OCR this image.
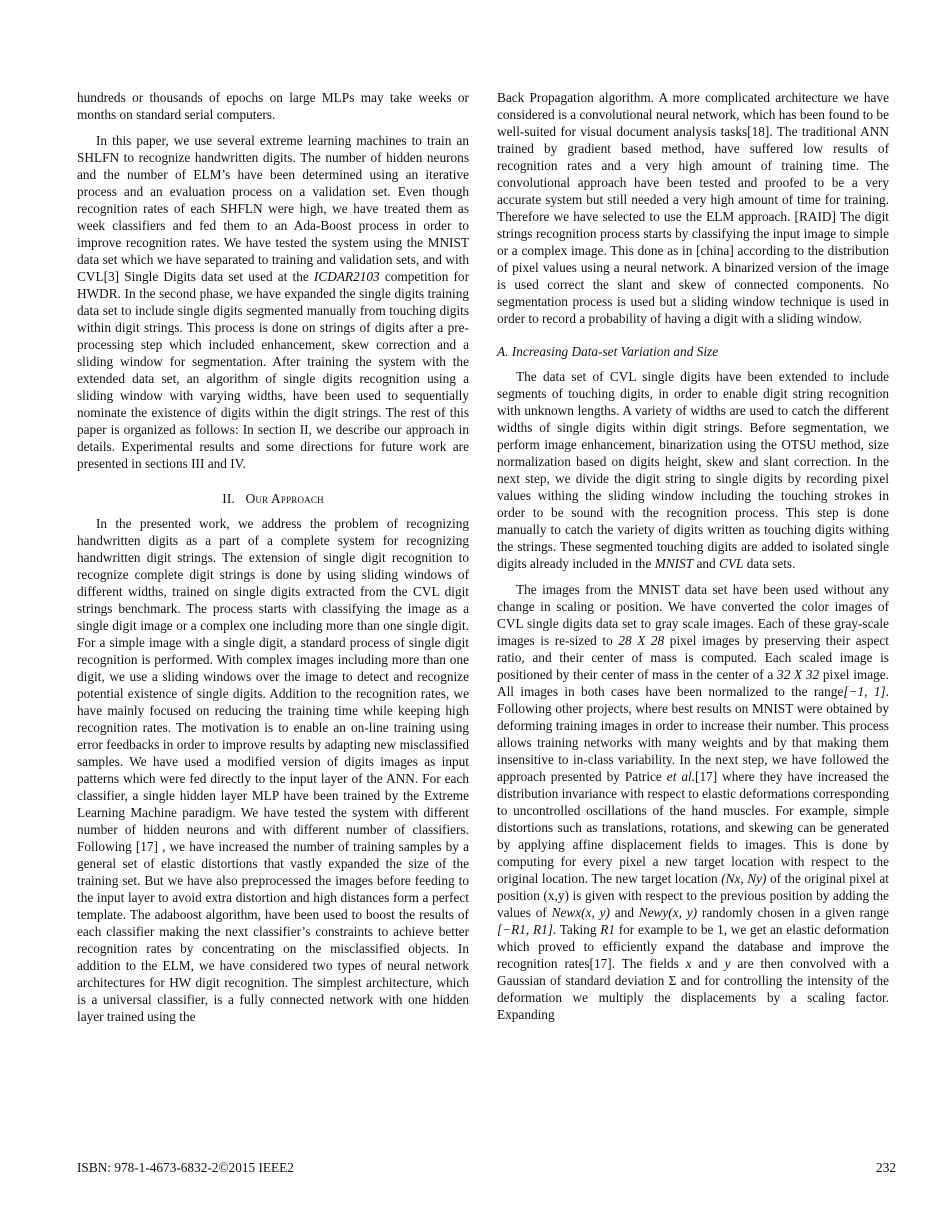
hundreds or thousands of epochs on large MLPs may take weeks or months on standard serial computers.

In this paper, we use several extreme learning machines to train an SHLFN to recognize handwritten digits. The number of hidden neurons and the number of ELM’s have been determined using an iterative process and an evaluation process on a validation set. Even though recognition rates of each SHFLN were high, we have treated them as week classifiers and fed them to an Ada-Boost process in order to improve recognition rates. We have tested the system using the MNIST data set which we have separated to training and validation sets, and with CVL[3] Single Digits data set used at the ICDAR2103 competition for HWDR. In the second phase, we have expanded the single digits training data set to include single digits segmented manually from touching digits within digit strings. This process is done on strings of digits after a pre-processing step which included enhancement, skew correction and a sliding window for segmentation. After training the system with the extended data set, an algorithm of single digits recognition using a sliding window with varying widths, have been used to sequentially nominate the existence of digits within the digit strings. The rest of this paper is organized as follows: In section II, we describe our approach in details. Experimental results and some directions for future work are presented in sections III and IV.

II. Our Approach

In the presented work, we address the problem of recognizing handwritten digits as a part of a complete system for recognizing handwritten digit strings. The extension of single digit recognition to recognize complete digit strings is done by using sliding windows of different widths, trained on single digits extracted from the CVL digit strings benchmark. The process starts with classifying the image as a single digit image or a complex one including more than one single digit. For a simple image with a single digit, a standard process of single digit recognition is performed. With complex images including more than one digit, we use a sliding windows over the image to detect and recognize potential existence of single digits. Addition to the recognition rates, we have mainly focused on reducing the training time while keeping high recognition rates. The motivation is to enable an on-line training using error feedbacks in order to improve results by adapting new misclassified samples. We have used a modified version of digits images as input patterns which were fed directly to the input layer of the ANN. For each classifier, a single hidden layer MLP have been trained by the Extreme Learning Machine paradigm. We have tested the system with different number of hidden neurons and with different number of classifiers. Following [17] , we have increased the number of training samples by a general set of elastic distortions that vastly expanded the size of the training set. But we have also preprocessed the images before feeding to the input layer to avoid extra distortion and high distances form a perfect template. The adaboost algorithm, have been used to boost the results of each classifier making the next classifier’s constraints to achieve better recognition rates by concentrating on the misclassified objects. In addition to the ELM, we have considered two types of neural network architectures for HW digit recognition. The simplest architecture, which is a universal classifier, is a fully connected network with one hidden layer trained using the

Back Propagation algorithm. A more complicated architecture we have considered is a convolutional neural network, which has been found to be well-suited for visual document analysis tasks[18]. The traditional ANN trained by gradient based method, have suffered low results of recognition rates and a very high amount of training time. The convolutional approach have been tested and proofed to be a very accurate system but still needed a very high amount of time for training. Therefore we have selected to use the ELM approach. [RAID] The digit strings recognition process starts by classifying the input image to simple or a complex image. This done as in [china] according to the distribution of pixel values using a neural network. A binarized version of the image is used correct the slant and skew of connected components. No segmentation process is used but a sliding window technique is used in order to record a probability of having a digit with a sliding window.

A. Increasing Data-set Variation and Size

The data set of CVL single digits have been extended to include segments of touching digits, in order to enable digit string recognition with unknown lengths. A variety of widths are used to catch the different widths of single digits within digit strings. Before segmentation, we perform image enhancement, binarization using the OTSU method, size normalization based on digits height, skew and slant correction. In the next step, we divide the digit string to single digits by recording pixel values withing the sliding window including the touching strokes in order to be sound with the recognition process. This step is done manually to catch the variety of digits written as touching digits withing the strings. These segmented touching digits are added to isolated single digits already included in the MNIST and CVL data sets.

The images from the MNIST data set have been used without any change in scaling or position. We have converted the color images of CVL single digits data set to gray scale images. Each of these gray-scale images is re-sized to 28 X 28 pixel images by preserving their aspect ratio, and their center of mass is computed. Each scaled image is positioned by their center of mass in the center of a 32 X 32 pixel image. All images in both cases have been normalized to the range[−1, 1]. Following other projects, where best results on MNIST were obtained by deforming training images in order to increase their number. This process allows training networks with many weights and by that making them insensitive to in-class variability. In the next step, we have followed the approach presented by Patrice et al.[17] where they have increased the distribution invariance with respect to elastic deformations corresponding to uncontrolled oscillations of the hand muscles. For example, simple distortions such as translations, rotations, and skewing can be generated by applying affine displacement fields to images. This is done by computing for every pixel a new target location with respect to the original location. The new target location (Nx, Ny) of the original pixel at position (x,y) is given with respect to the previous position by adding the values of Newx(x, y) and Newy(x, y) randomly chosen in a given range [−R1, R1]. Taking R1 for example to be 1, we get an elastic deformation which proved to efficiently expand the database and improve the recognition rates[17]. The fields x and y are then convolved with a Gaussian of standard deviation Σ and for controlling the intensity of the deformation we multiply the displacements by a scaling factor. Expanding

ISBN: 978-1-4673-6832-2©2015 IEEE2	232
